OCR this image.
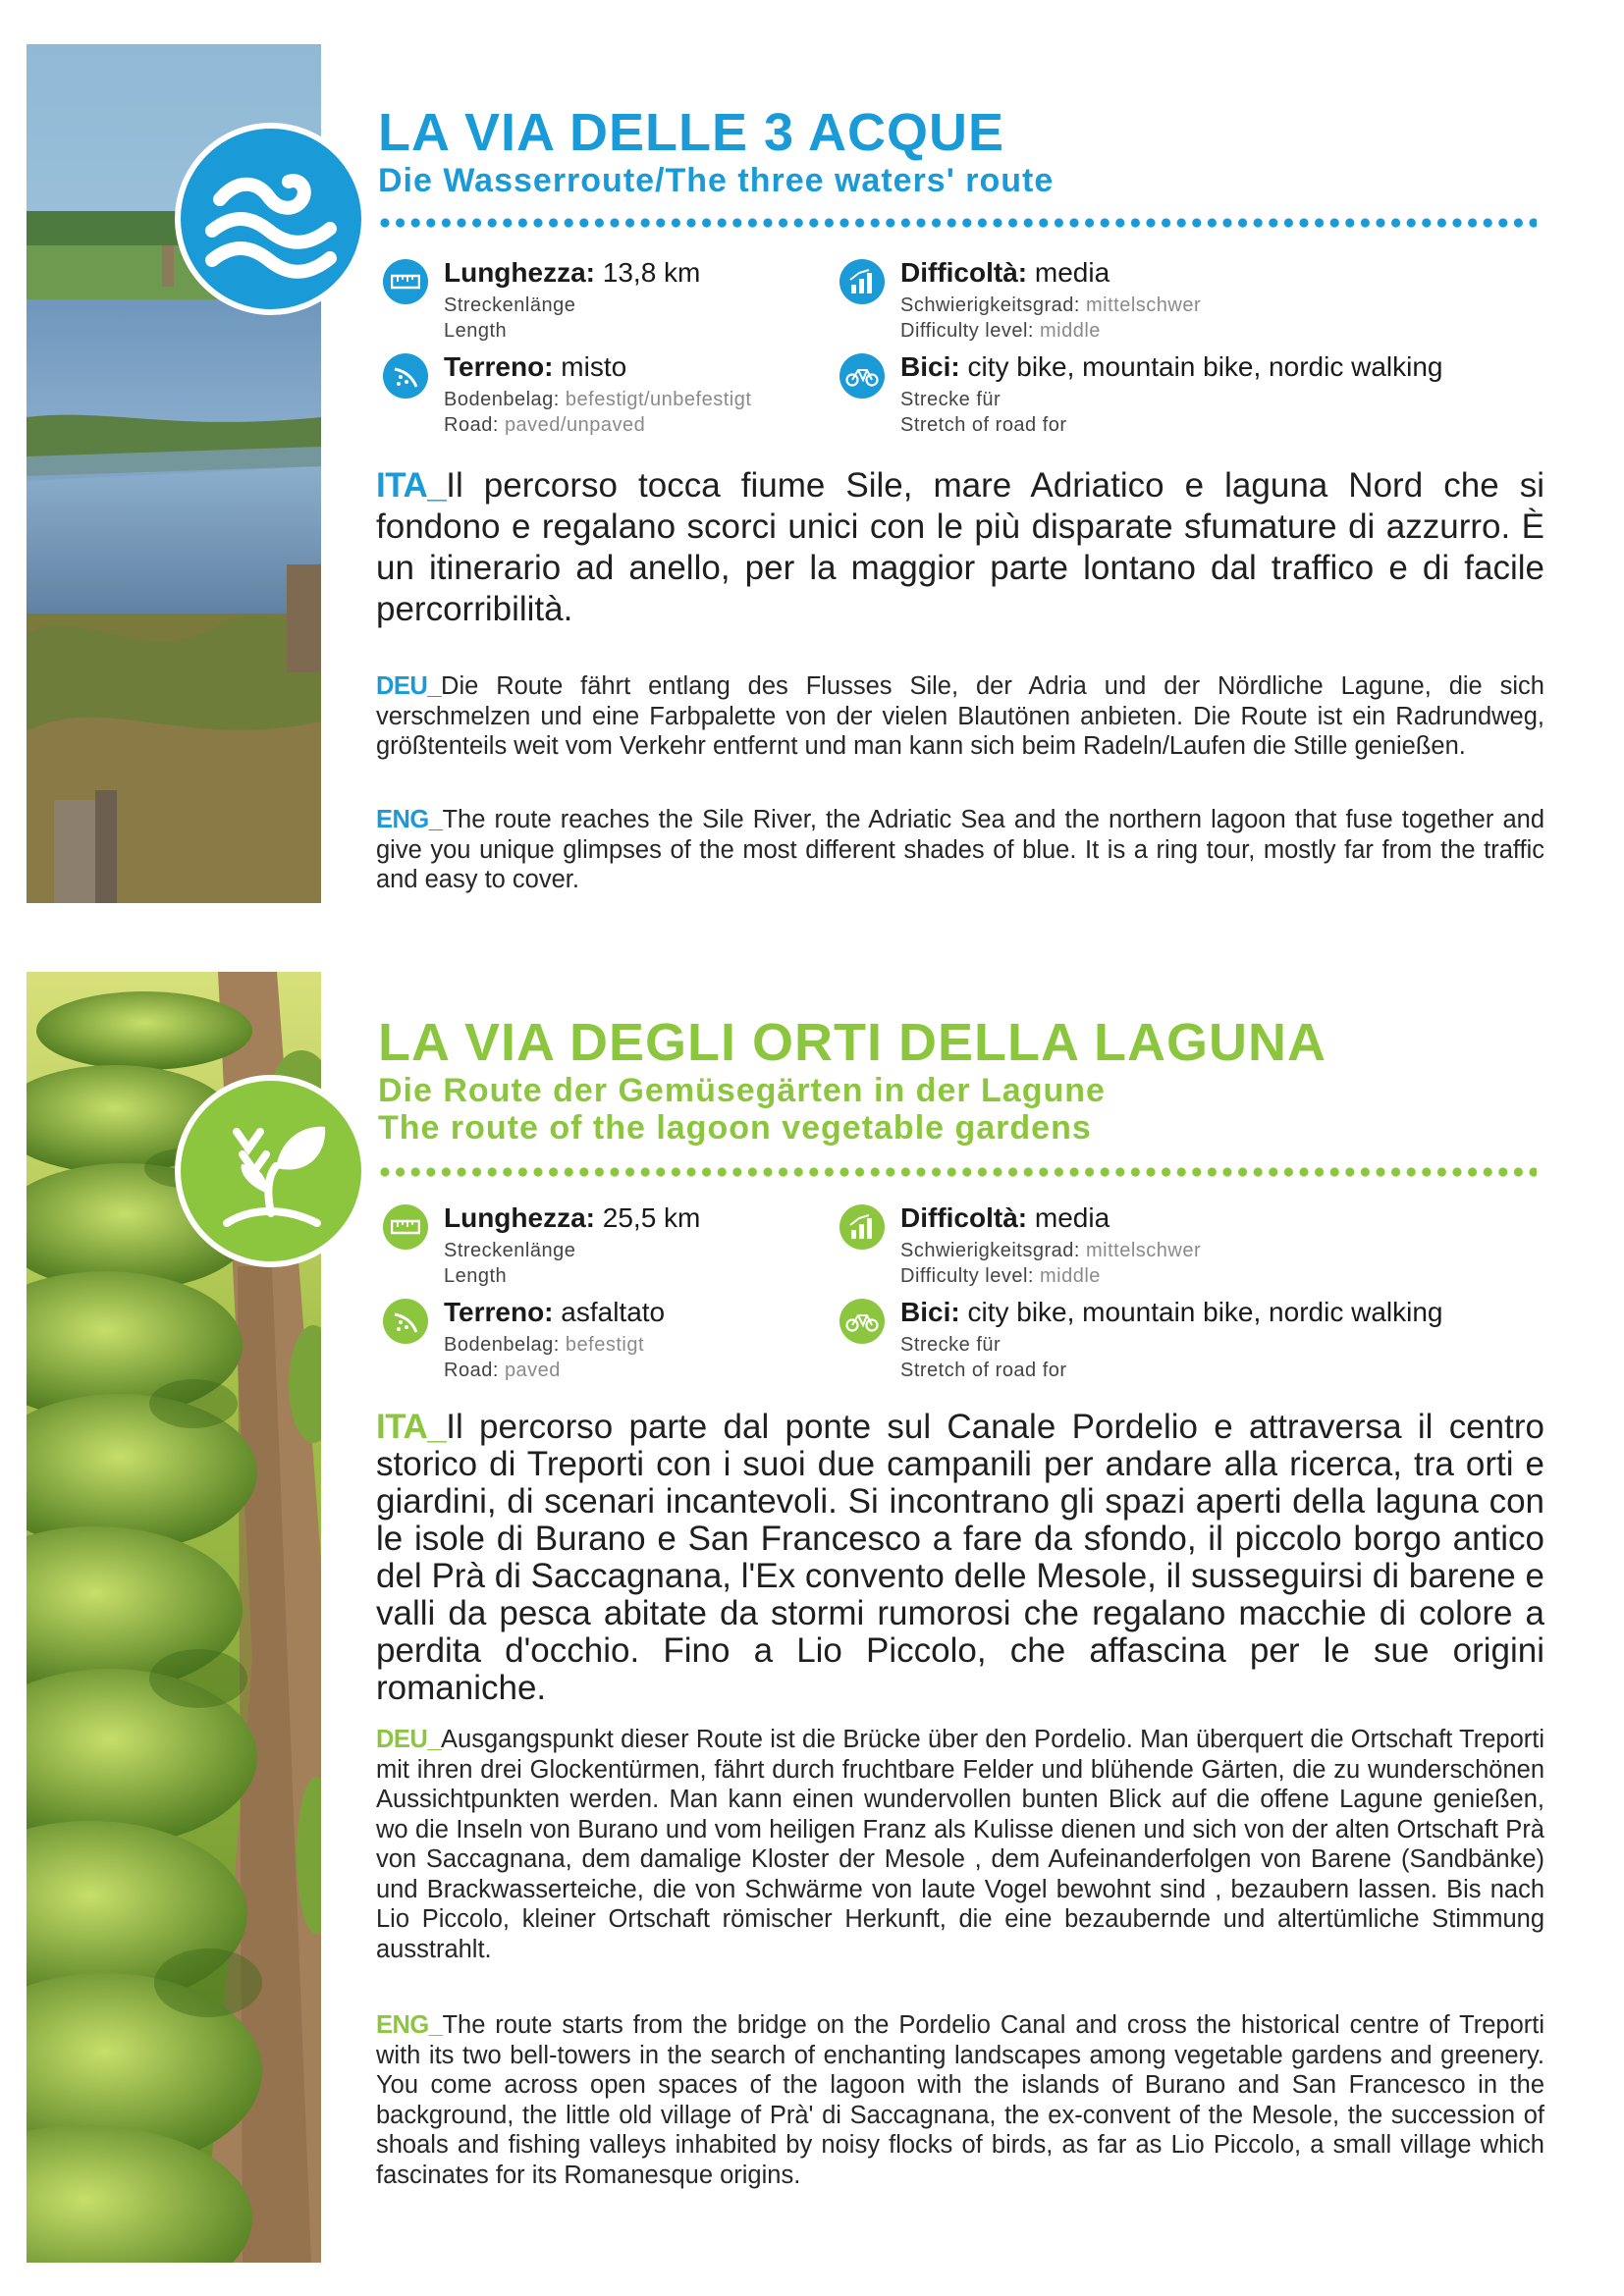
LA VIA DELLE 3 ACQUE
Die Wasserroute/The three waters' route
Lunghezza: 13,8 km
Streckenlänge
Length
Difficoltà: media
Schwierigkeitsgrad: mittelschwer
Difficulty level: middle
Terreno: misto
Bodenbelag: befestigt/unbefestigt
Road: paved/unpaved
Bici: city bike, mountain bike, nordic walking
Strecke für
Stretch of road for

ITA_Il percorso tocca fiume Sile, mare Adriatico e laguna Nord che si fondono e regalano scorci unici con le più disparate sfumature di azzurro. È un itinerario ad anello, per la maggior parte lontano dal traffico e di facile percorribilità.

DEU_Die Route fährt entlang des Flusses Sile, der Adria und der Nördliche Lagune, die sich verschmelzen und eine Farbpalette von der vielen Blautönen anbieten. Die Route ist ein Radrundweg, größtenteils weit vom Verkehr entfernt und man kann sich beim Radeln/Laufen die Stille genießen.

ENG_The route reaches the Sile River, the Adriatic Sea and the northern lagoon that fuse together and give you unique glimpses of the most different shades of blue. It is a ring tour, mostly far from the traffic and easy to cover.

LA VIA DEGLI ORTI DELLA LAGUNA
Die Route der Gemüsegärten in der Lagune
The route of the lagoon vegetable gardens
Lunghezza: 25,5 km
Streckenlänge
Length
Difficoltà: media
Schwierigkeitsgrad: mittelschwer
Difficulty level: middle
Terreno: asfaltato
Bodenbelag: befestigt
Road: paved
Bici: city bike, mountain bike, nordic walking
Strecke für
Stretch of road for

ITA_Il percorso parte dal ponte sul Canale Pordelio e attraversa il centro storico di Treporti con i suoi due campanili per andare alla ricerca, tra orti e giardini, di scenari incantevoli. Si incontrano gli spazi aperti della laguna con le isole di Burano e San Francesco a fare da sfondo, il piccolo borgo antico del Prà di Saccagnana, l'Ex convento delle Mesole, il susseguirsi di barene e valli da pesca abitate da stormi rumorosi che regalano macchie di colore a perdita d'occhio. Fino a Lio Piccolo, che affascina per le sue origini romaniche.

DEU_Ausgangspunkt dieser Route ist die Brücke über den Pordelio. Man überquert die Ortschaft Treporti mit ihren drei Glockentürmen, fährt durch fruchtbare Felder und blühende Gärten, die zu wunderschönen Aussichtpunkten werden. Man kann einen wundervollen bunten Blick auf die offene Lagune genießen, wo die Inseln von Burano und vom heiligen Franz als Kulisse dienen und sich von der alten Ortschaft Prà von Saccagnana, dem damalige Kloster der Mesole , dem Aufeinanderfolgen von Barene (Sandbänke) und Brackwasserteiche, die von Schwärme von laute Vogel bewohnt sind , bezaubern lassen. Bis nach Lio Piccolo, kleiner Ortschaft römischer Herkunft, die eine bezaubernde und altertümliche Stimmung ausstrahlt.

ENG_The route starts from the bridge on the Pordelio Canal and cross the historical centre of Treporti with its two bell-towers in the search of enchanting landscapes among vegetable gardens and greenery. You come across open spaces of the lagoon with the islands of Burano and San Francesco in the background, the little old village of Prà' di Saccagnana, the ex-convent of the Mesole, the succession of shoals and fishing valleys inhabited by noisy flocks of birds, as far as Lio Piccolo, a small village which fascinates for its Romanesque origins.
